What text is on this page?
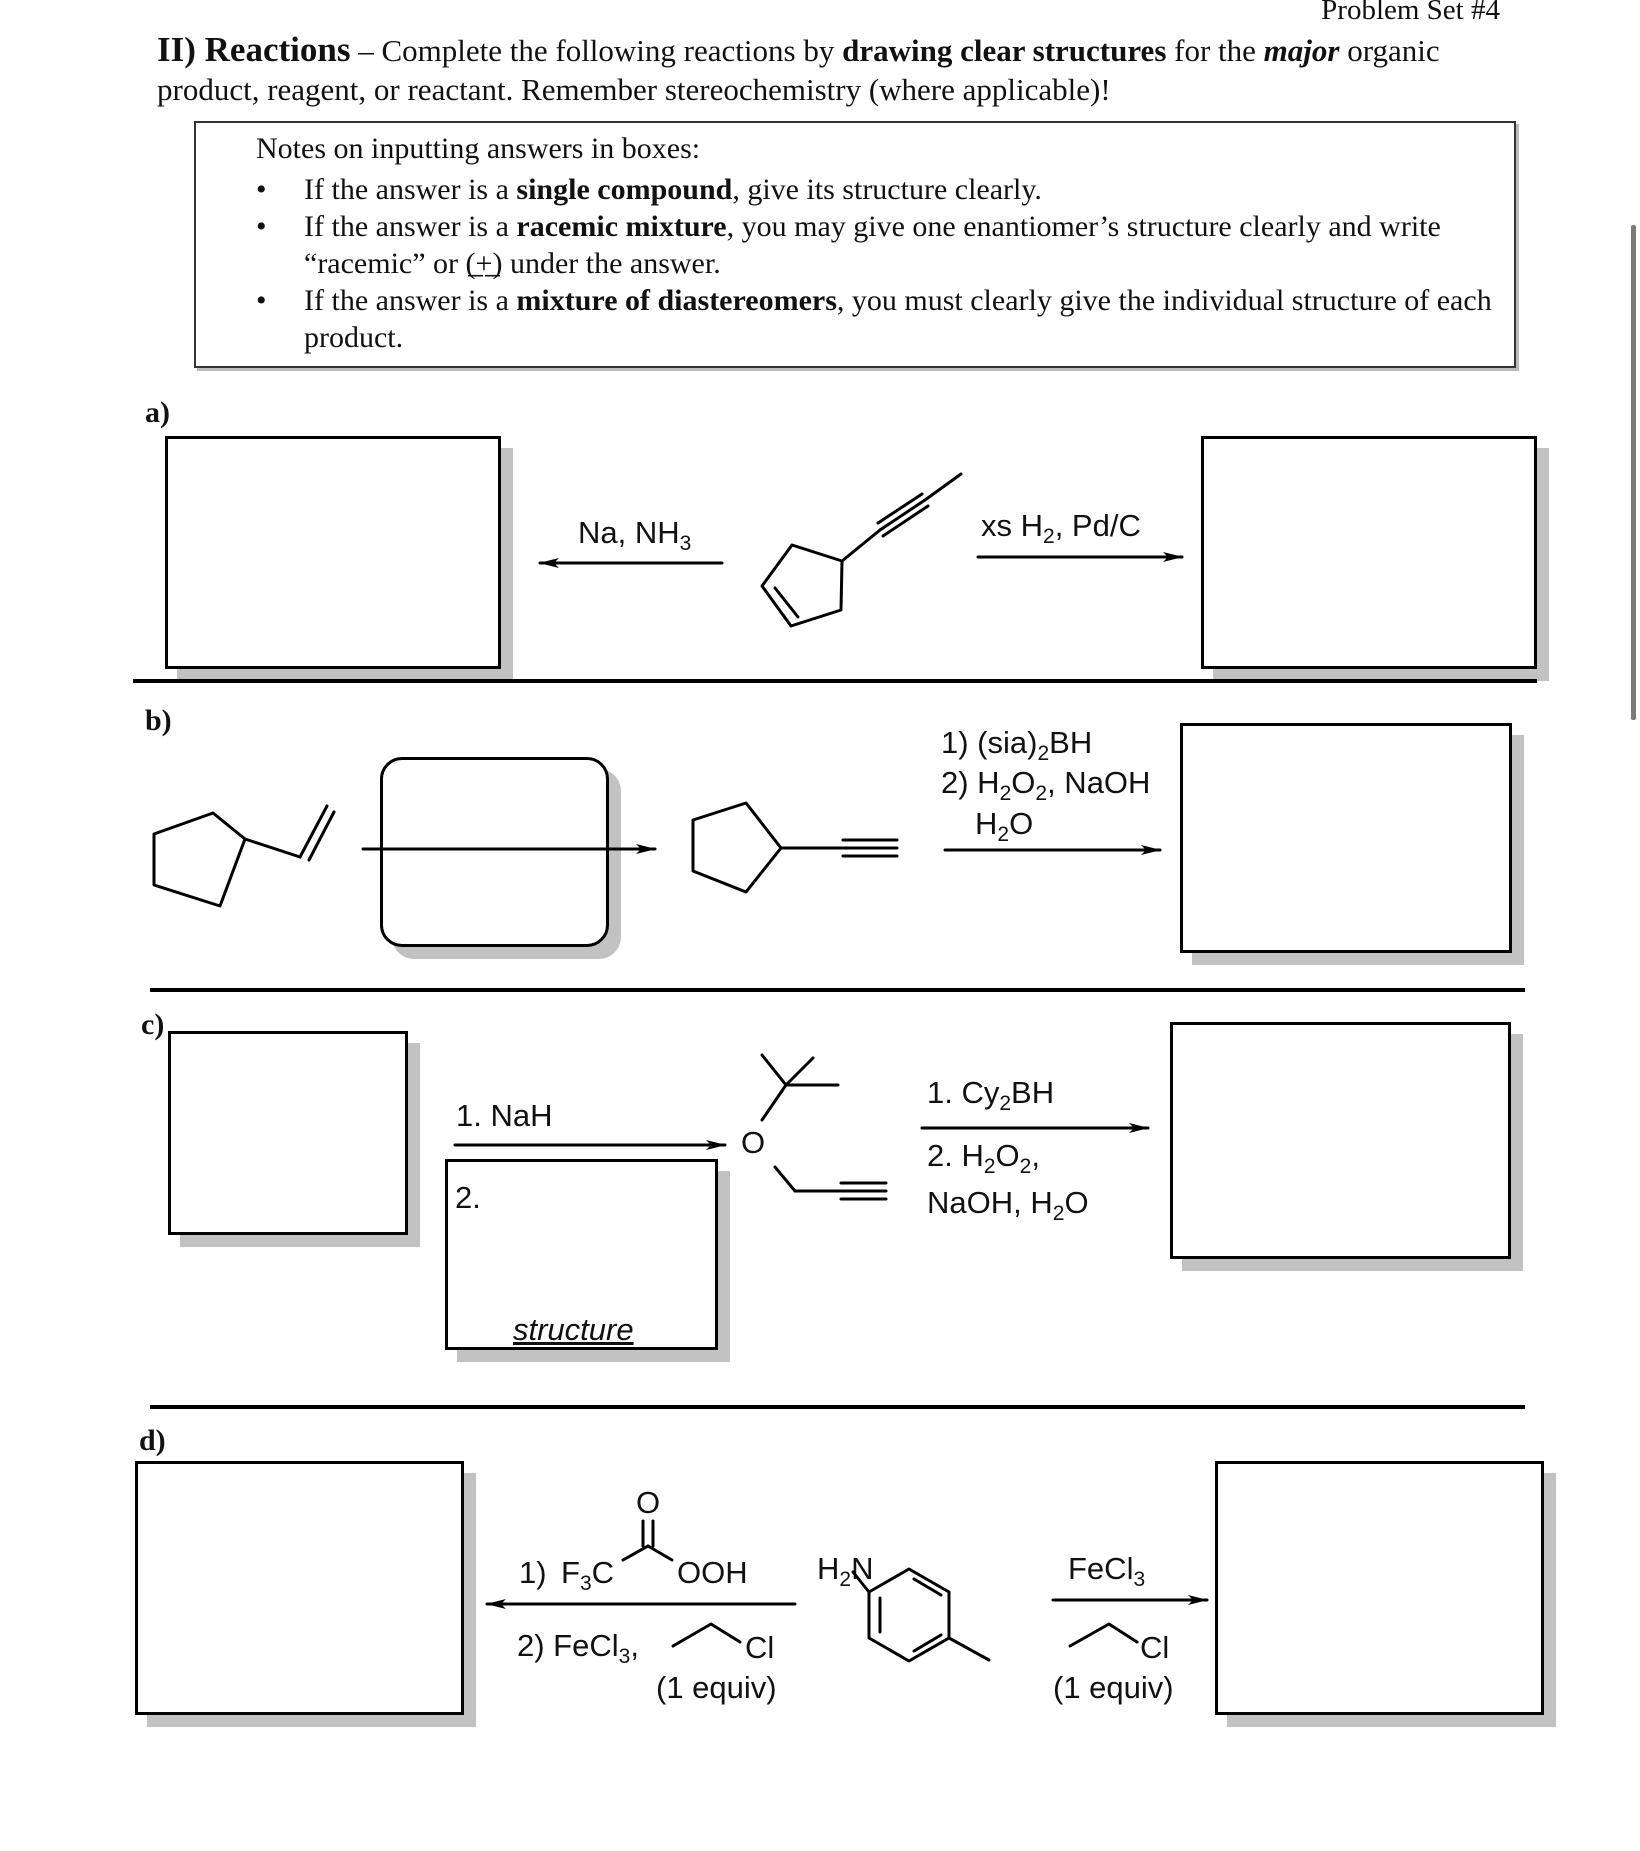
Problem Set #4
II) Reactions – Complete the following reactions by drawing clear structures for the major organic product, reagent, or reactant. Remember stereochemistry (where applicable)!
Notes on inputting answers in boxes:
•	If the answer is a single compound, give its structure clearly.
•	If the answer is a racemic mixture, you may give one enantiomer’s structure clearly and write “racemic” or (̲+̲) under the answer.
•	If the answer is a mixture of diastereomers, you must clearly give the individual structure of each product.
a)
Na, $NH_3$
xs $H_2$, Pd/C
b)
1) $(sia)_2BH$
2) $H_2O_2$, NaOH
$H_2O$
c)
1. NaH
2.
structure
1. $Cy_2BH$
2. $H_2O_2$,
NaOH, $H_2O$
O
d)
1) $F_3C$ OOH
O
2) FeCl$_3$,	Cl
(1 equiv)
$H_2N$	FeCl$_3$
Cl
(1 equiv)
